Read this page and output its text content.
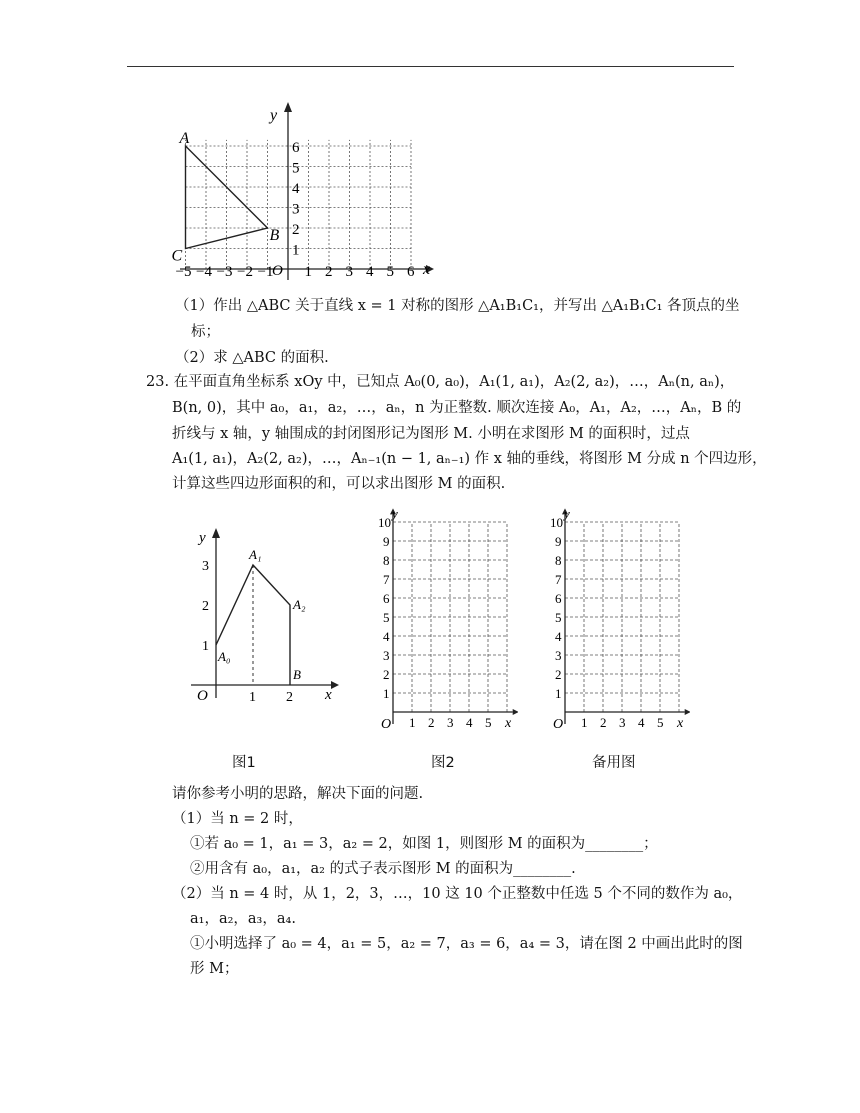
x
y
O
−5 −4 −3 −2 −1 1 2 3 4 5 6
1
2
3
4
5
6
A
B
C
（1）作出 △ABC 关于直线 x = 1 对称的图形 △A₁B₁C₁，并写出 △A₁B₁C₁ 各顶点的坐
标；
（2）求 △ABC 的面积.
23. 在平面直角坐标系 xOy 中，已知点 A₀(0, a₀)，A₁(1, a₁)，A₂(2, a₂)，…，Aₙ(n, aₙ)，
B(n, 0)，其中 a₀，a₁，a₂，…，aₙ，n 为正整数. 顺次连接 A₀，A₁，A₂，…，Aₙ，B 的
折线与 x 轴，y 轴围成的封闭图形记为图形 M. 小明在求图形 M 的面积时，过点
A₁(1, a₁)，A₂(2, a₂)，…，Aₙ₋₁(n − 1, aₙ₋₁) 作 x 轴的垂线，将图形 M 分成 n 个四边形，
计算这些四边形面积的和，可以求出图形 M 的面积.
y
x
O	1 2
1
2
3
A₀
A₁
A₂
B
图1
y
x
O 1 2 3 4 5
1
2
3
4
5
6
7
8
9
10
图2
y
x
O 1 2 3 4 5
1
2
3
4
5
6
7
8
9
10
备用图
请你参考小明的思路，解决下面的问题.
（1）当 n = 2 时，
①若 a₀ = 1，a₁ = 3，a₂ = 2，如图 1，则图形 M 的面积为________；
②用含有 a₀，a₁，a₂ 的式子表示图形 M 的面积为________.
（2）当 n = 4 时，从 1，2，3，…，10 这 10 个正整数中任选 5 个不同的数作为 a₀，
a₁，a₂，a₃，a₄.
①小明选择了 a₀ = 4，a₁ = 5，a₂ = 7，a₃ = 6，a₄ = 3，请在图 2 中画出此时的图
形 M；
